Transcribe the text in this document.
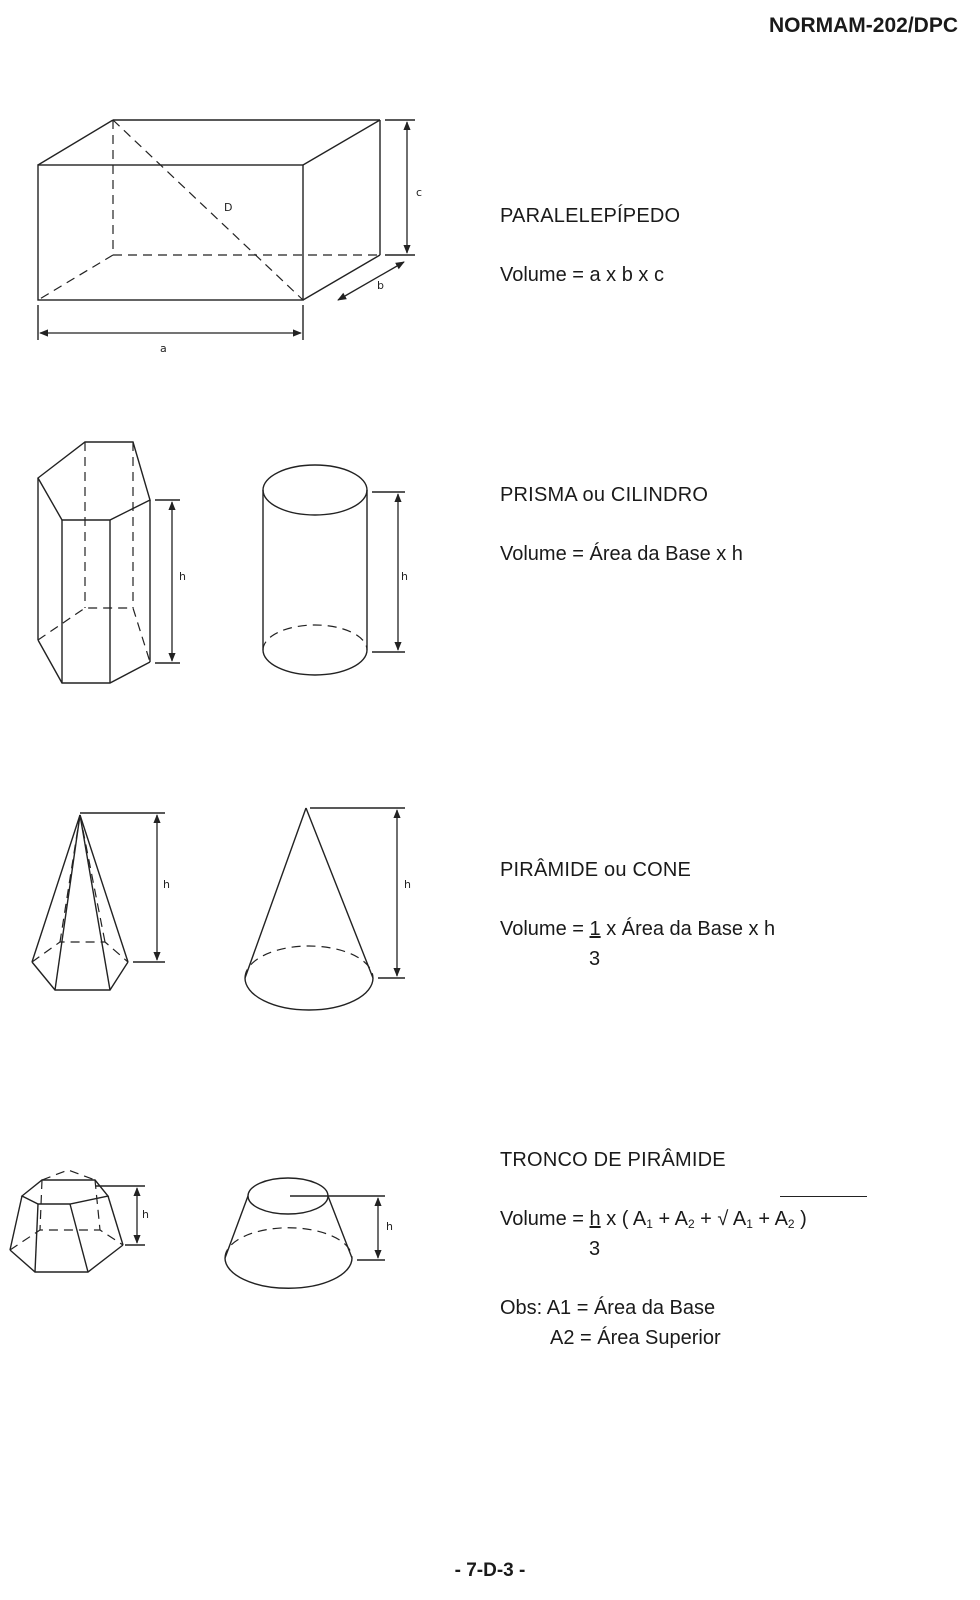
NORMAM-202/DPC
D
a
b
c
h	h
h	h
h
h
PARALELEPÍPEDO
Volume = a x b x c
PRISMA ou CILINDRO
Volume = Área da Base x h
PIRÂMIDE ou CONE
Volume = 1 x Área da Base x h
3
TRONCO DE PIRÂMIDE
Volume = h x ( $A_1 + A_2$ + √ $A_1 + A_2$ )
3
Obs: A1 = Área da Base
A2 = Área Superior
- 7-D-3 -
